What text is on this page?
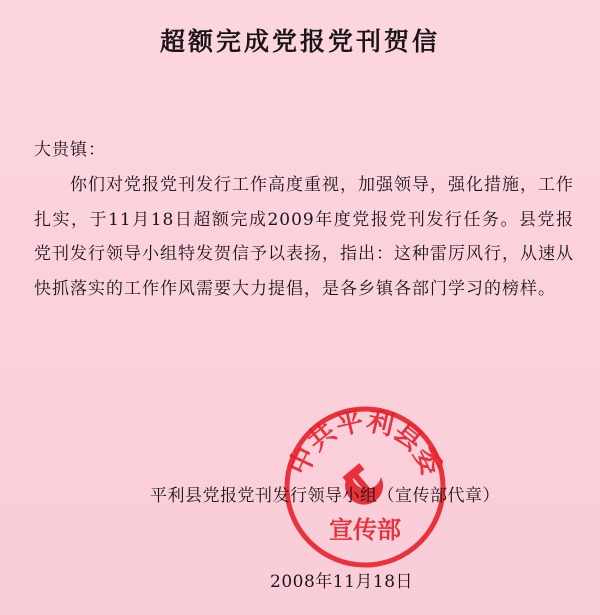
超额完成党报党刊贺信
大贵镇：
你们对党报党刊发行工作高度重视，加强领导，强化措施，工作扎实，于11月18日超额完成2009年度党报党刊发行任务。县党报党刊发行领导小组特发贺信予以表扬，指出：这种雷厉风行，从速从快抓落实的工作作风需要大力提倡，是各乡镇各部门学习的榜样。
中共平利县委
宣传部
平利县党报党刊发行领导小组（宣传部代章）
2008年11月18日
